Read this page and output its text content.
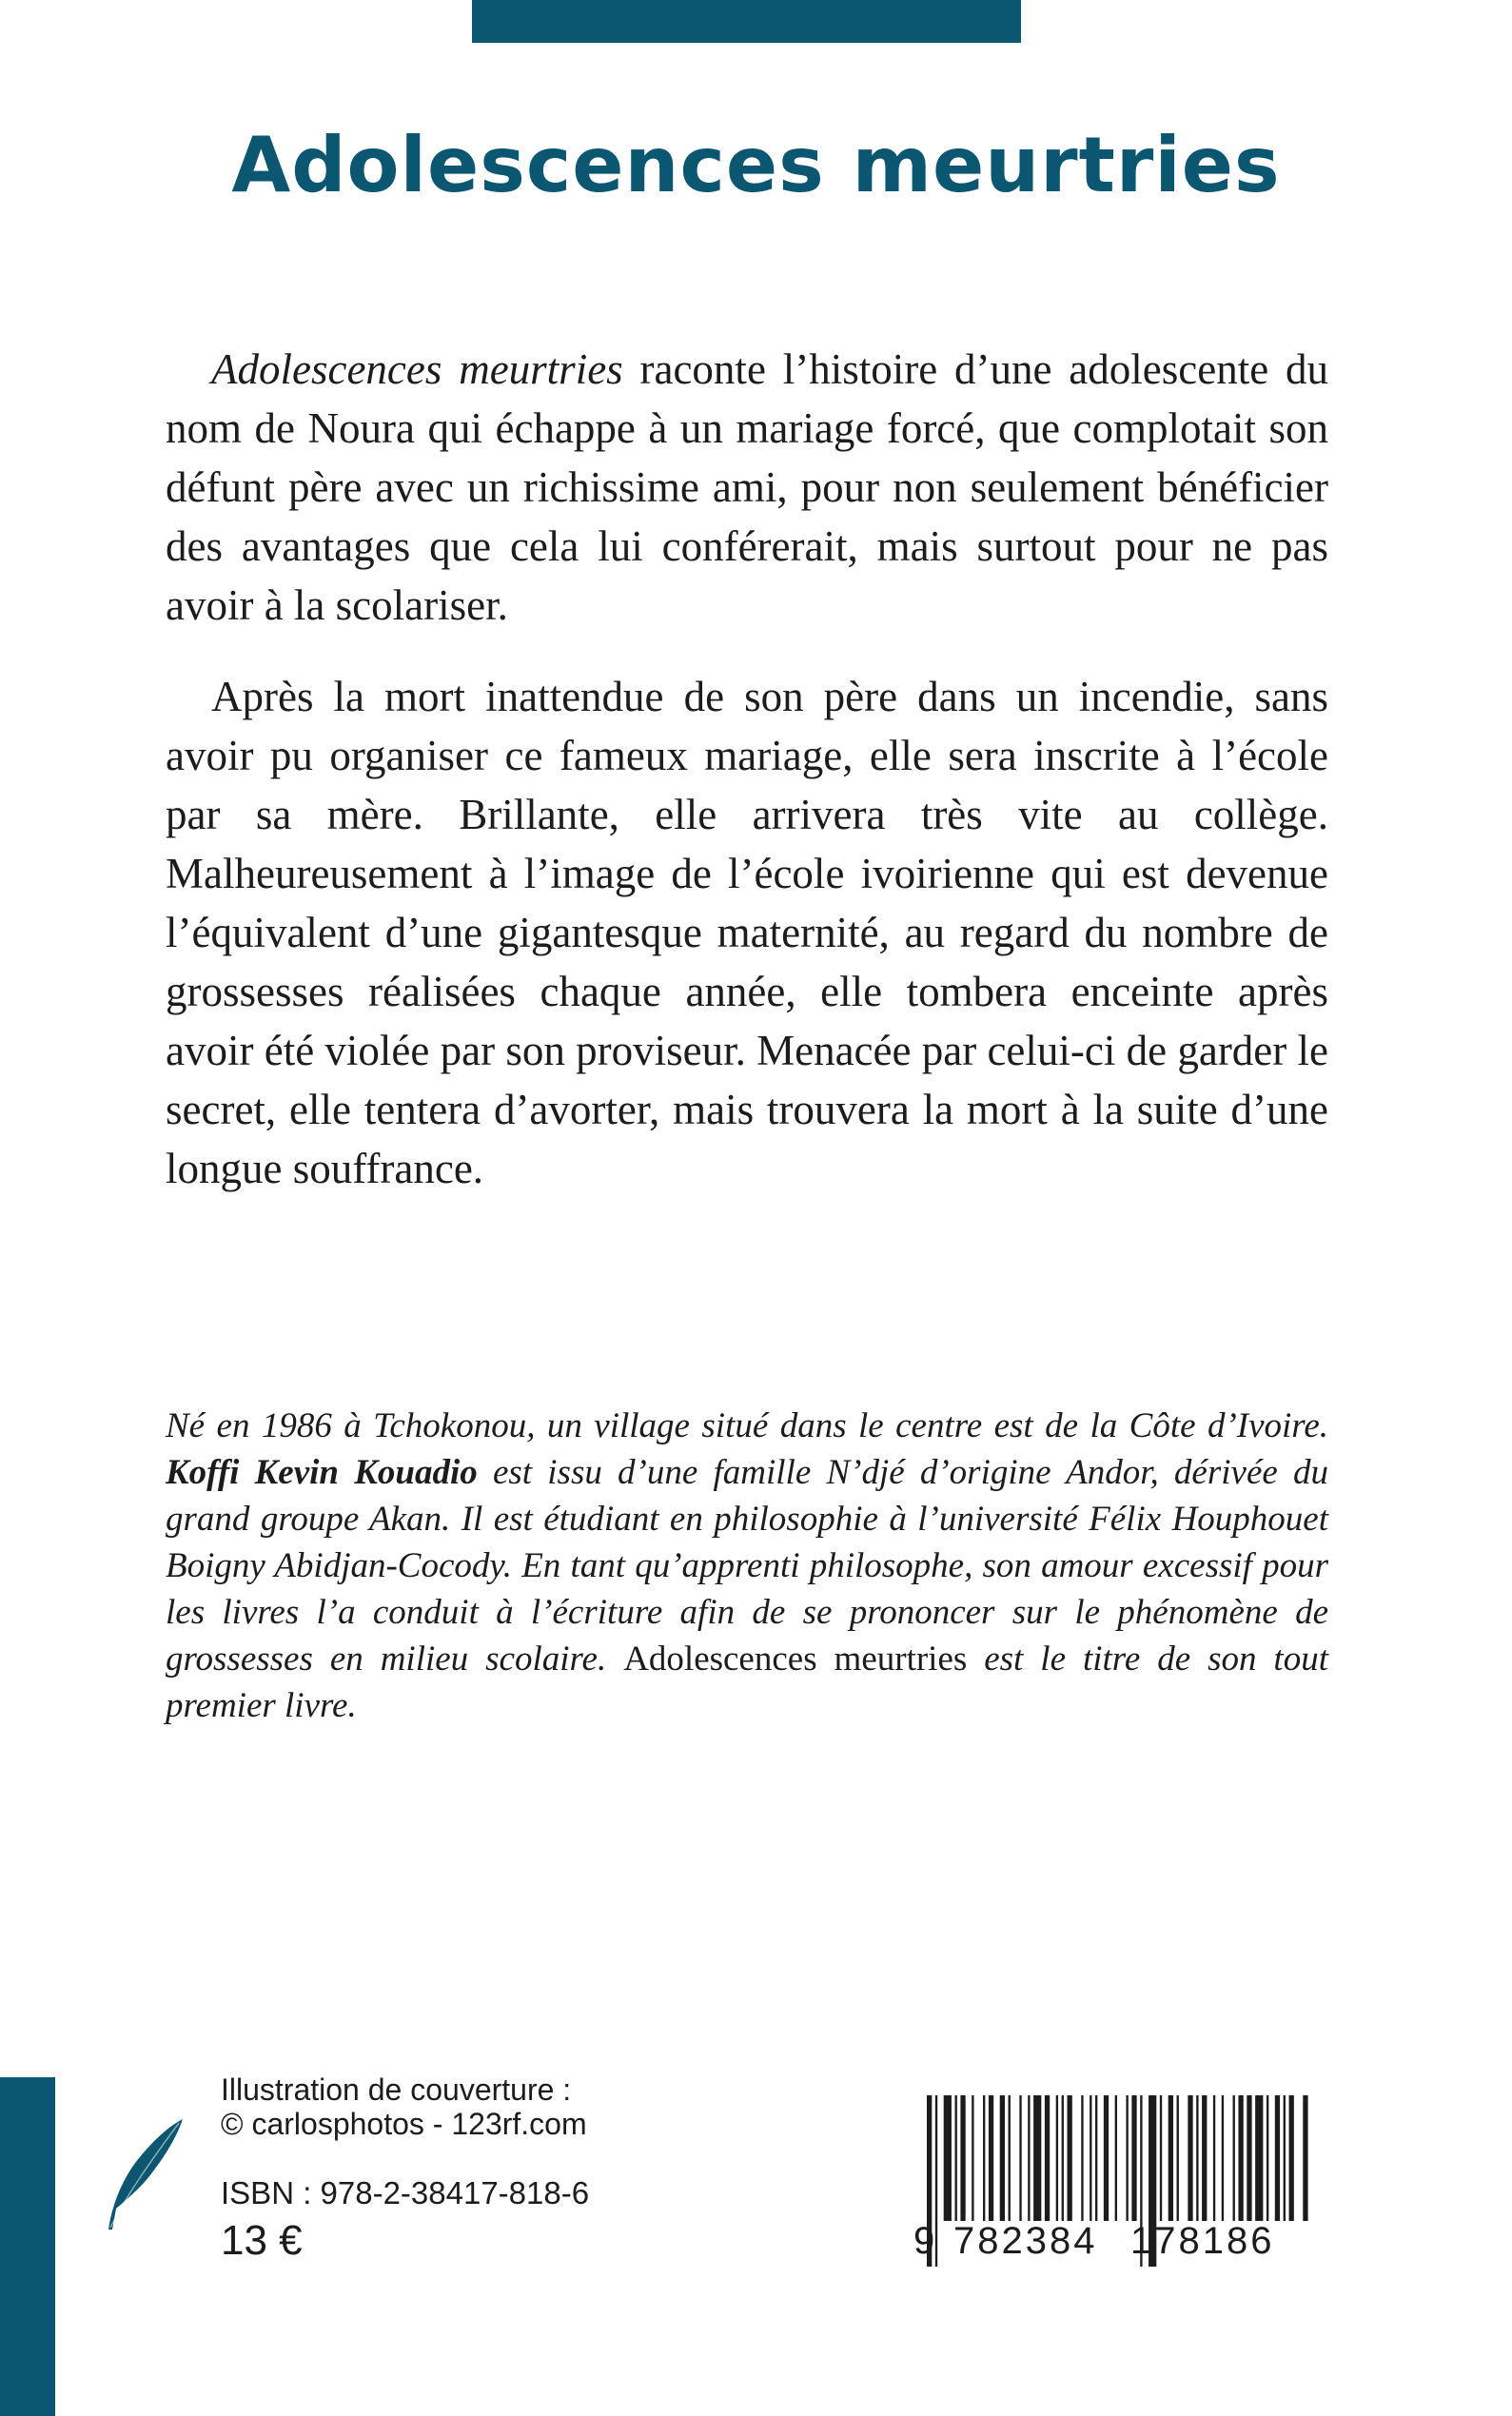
Adolescences meurtries

Adolescences meurtries raconte l’histoire d’une adolescente du nom de Noura qui échappe à un mariage forcé, que complotait son défunt père avec un richissime ami, pour non seulement bénéficier des avantages que cela lui conférerait, mais surtout pour ne pas avoir à la scolariser.

Après la mort inattendue de son père dans un incendie, sans avoir pu organiser ce fameux mariage, elle sera inscrite à l’école par sa mère. Brillante, elle arrivera très vite au collège. Malheureusement à l’image de l’école ivoirienne qui est devenue l’équivalent d’une gigantesque maternité, au regard du nombre de grossesses réalisées chaque année, elle tombera enceinte après avoir été violée par son proviseur. Menacée par celui-ci de garder le secret, elle tentera d’avorter, mais trouvera la mort à la suite d’une longue souffrance.

Né en 1986 à Tchokonou, un village situé dans le centre est de la Côte d’Ivoire. Koffi Kevin Kouadio est issu d’une famille N’djé d’origine Andor, dérivée du grand groupe Akan. Il est étudiant en philosophie à l’université Félix Houphouet Boigny Abidjan-Cocody. En tant qu’apprenti philosophe, son amour excessif pour les livres l’a conduit à l’écriture afin de se prononcer sur le phénomène de grossesses en milieu scolaire. Adolescences meurtries est le titre de son tout premier livre.
Illustration de couverture :
© carlosphotos - 123rf.com
ISBN : 978-2-38417-818-6
13 €	9 782384 178186
